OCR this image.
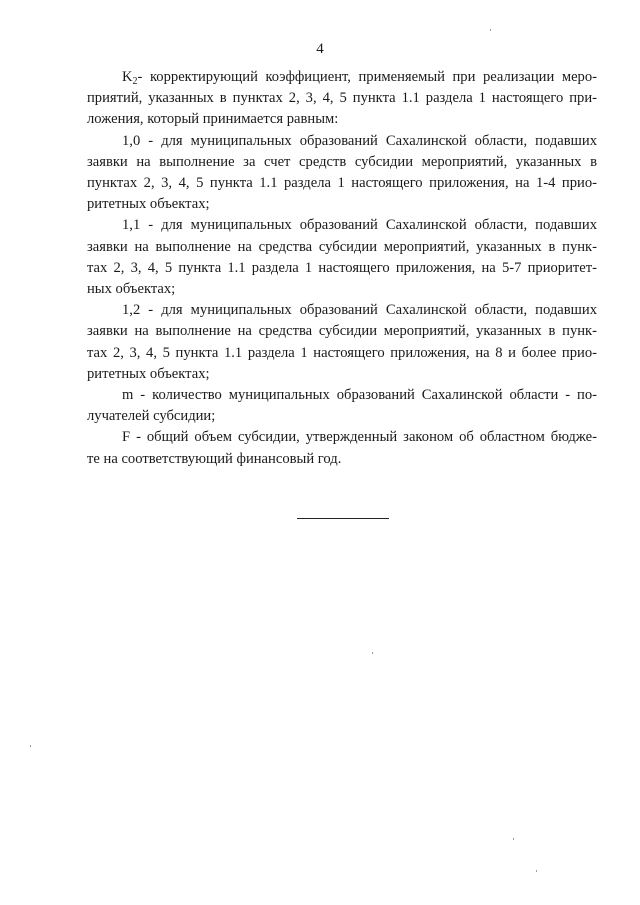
4
$K_2-$ корректирующий коэффициент, применяемый при реализации меро-
приятий, указанных в пунктах 2, 3, 4, 5 пункта 1.1 раздела 1 настоящего при-
ложения, который принимается равным:
1,0 - для муниципальных образований Сахалинской области, подавших
заявки на выполнение за счет средств субсидии мероприятий, указанных в
пунктах 2, 3, 4, 5 пункта 1.1 раздела 1 настоящего приложения, на 1-4 прио-
ритетных объектах;
1,1 - для муниципальных образований Сахалинской области, подавших
заявки на выполнение на средства субсидии мероприятий, указанных в пунк-
тах 2, 3, 4, 5 пункта 1.1 раздела 1 настоящего приложения, на 5-7 приоритет-
ных объектах;
1,2 - для муниципальных образований Сахалинской области, подавших
заявки на выполнение на средства субсидии мероприятий, указанных в пунк-
тах 2, 3, 4, 5 пункта 1.1 раздела 1 настоящего приложения, на 8 и более прио-
ритетных объектах;
m - количество муниципальных образований Сахалинской области - по-
лучателей субсидии;
F - общий объем субсидии, утвержденный законом об областном бюдже-
те на соответствующий финансовый год.
